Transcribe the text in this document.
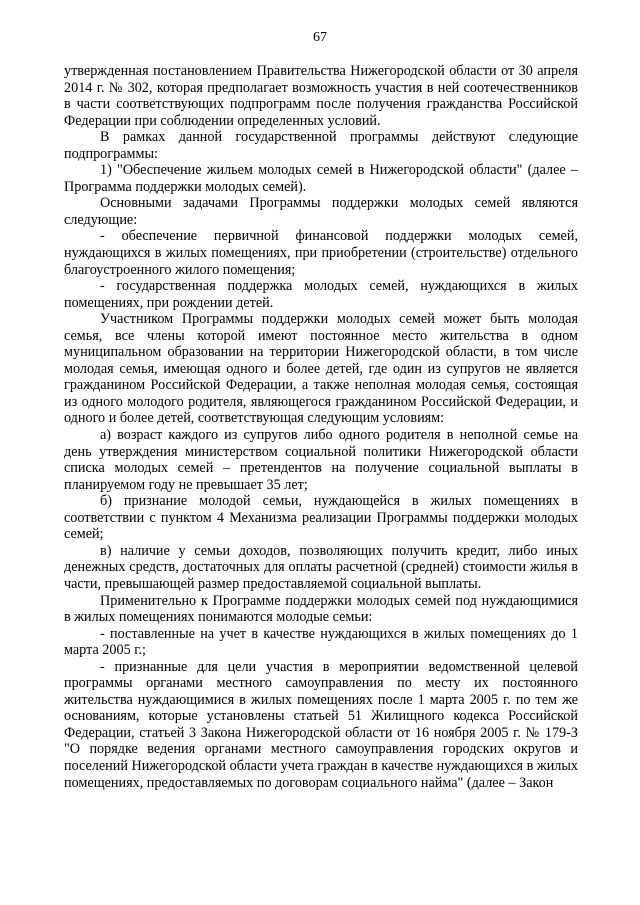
67

утвержденная постановлением Правительства Нижегородской области от 30 апреля 2014 г. № 302, которая предполагает возможность участия в ней соотечественников в части соответствующих подпрограмм после получения гражданства Российской Федерации при соблюдении определенных условий.

В рамках данной государственной программы действуют следующие подпрограммы:

1) "Обеспечение жильем молодых семей в Нижегородской области" (далее – Программа поддержки молодых семей).

Основными задачами Программы поддержки молодых семей являются следующие:

- обеспечение первичной финансовой поддержки молодых семей, нуждающихся в жилых помещениях, при приобретении (строительстве) отдельного благоустроенного жилого помещения;

- государственная поддержка молодых семей, нуждающихся в жилых помещениях, при рождении детей.

Участником Программы поддержки молодых семей может быть молодая семья, все члены которой имеют постоянное место жительства в одном муниципальном образовании на территории Нижегородской области, в том числе молодая семья, имеющая одного и более детей, где один из супругов не является гражданином Российской Федерации, а также неполная молодая семья, состоящая из одного молодого родителя, являющегося гражданином Российской Федерации, и одного и более детей, соответствующая следующим условиям:

а) возраст каждого из супругов либо одного родителя в неполной семье на день утверждения министерством социальной политики Нижегородской области списка молодых семей – претендентов на получение социальной выплаты в планируемом году не превышает 35 лет;

б) признание молодой семьи, нуждающейся в жилых помещениях в соответствии с пунктом 4 Механизма реализации Программы поддержки молодых семей;

в) наличие у семьи доходов, позволяющих получить кредит, либо иных денежных средств, достаточных для оплаты расчетной (средней) стоимости жилья в части, превышающей размер предоставляемой социальной выплаты.

Применительно к Программе поддержки молодых семей под нуждающимися в жилых помещениях понимаются молодые семьи:

- поставленные на учет в качестве нуждающихся в жилых помещениях до 1 марта 2005 г.;

- признанные для цели участия в мероприятии ведомственной целевой программы органами местного самоуправления по месту их постоянного жительства нуждающимися в жилых помещениях после 1 марта 2005 г. по тем же основаниям, которые установлены статьей 51 Жилищного кодекса Российской Федерации, статьей 3 Закона Нижегородской области от 16 ноября 2005 г. № 179-З "О порядке ведения органами местного самоуправления городских округов и поселений Нижегородской области учета граждан в качестве нуждающихся в жилых помещениях, предоставляемых по договорам социального найма" (далее – Закон
